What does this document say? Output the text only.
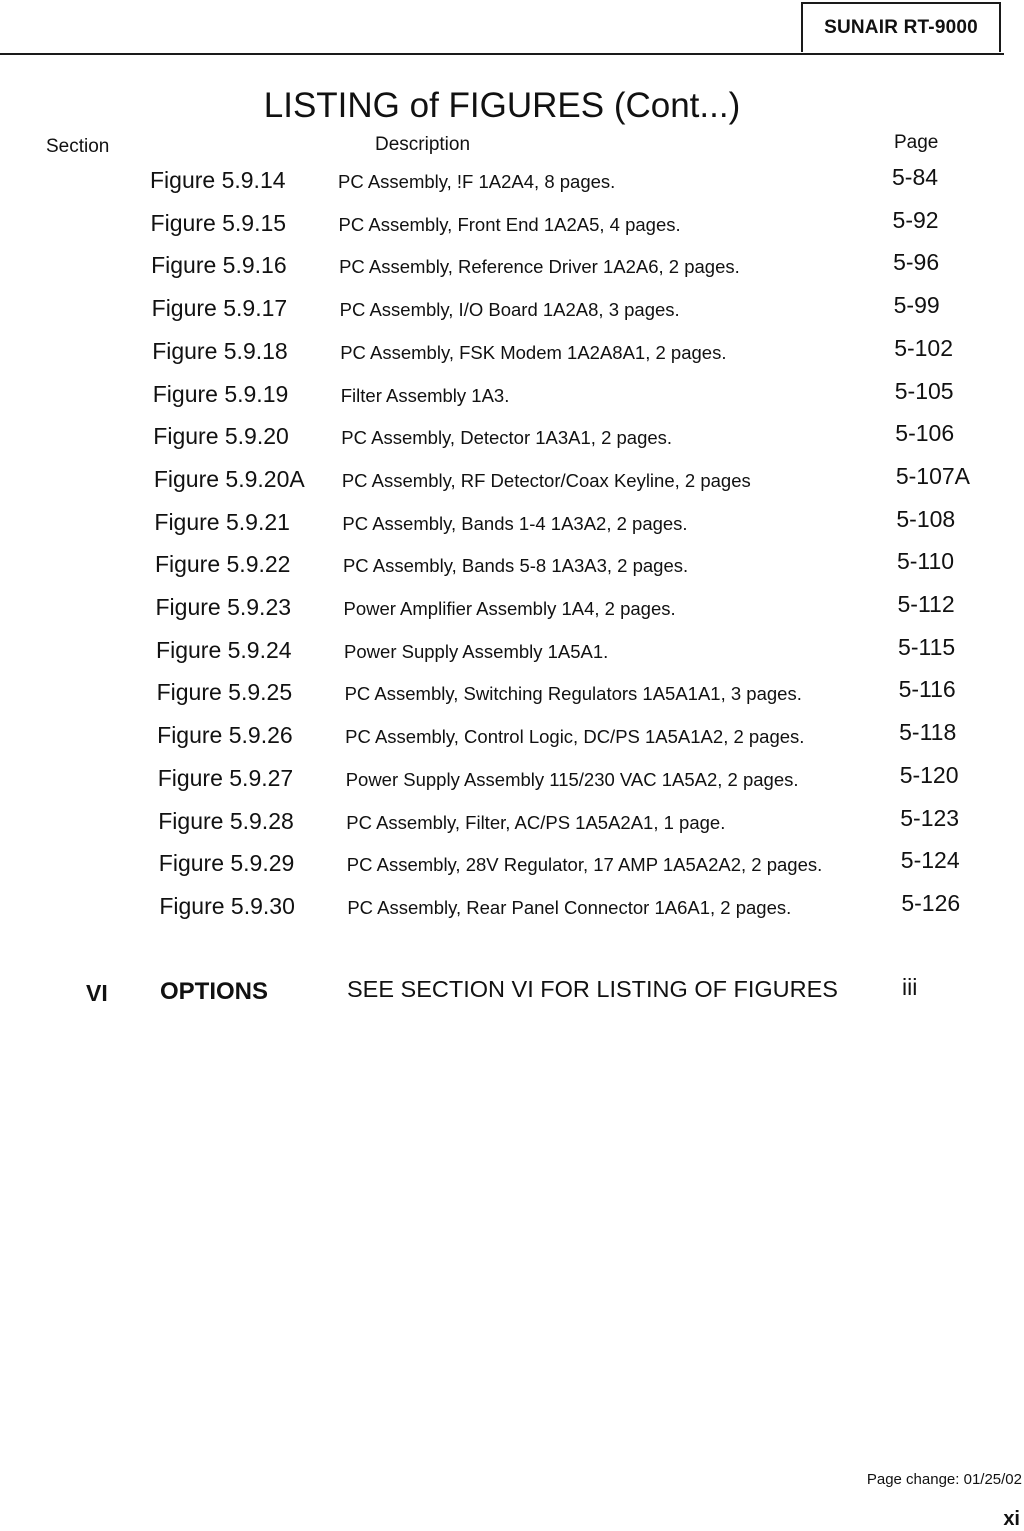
SUNAIR RT-9000
LISTING of FIGURES (Cont...)
Section	Description	Page
Figure 5.9.14	PC Assembly, !F 1A2A4, 8 pages.	5-84
Figure 5.9.15	PC Assembly, Front End 1A2A5, 4 pages.	5-92
Figure 5.9.16	PC Assembly, Reference Driver 1A2A6, 2 pages.	5-96
Figure 5.9.17	PC Assembly, I/O Board 1A2A8, 3 pages.	5-99
Figure 5.9.18	PC Assembly, FSK Modem 1A2A8A1, 2 pages.	5-102
Figure 5.9.19	Filter Assembly 1A3.	5-105
Figure 5.9.20	PC Assembly, Detector 1A3A1, 2 pages.	5-106
Figure 5.9.20A PC Assembly, RF Detector/Coax Keyline, 2 pages	5-107A
Figure 5.9.21	PC Assembly, Bands 1-4 1A3A2, 2 pages.	5-108
Figure 5.9.22	PC Assembly, Bands 5-8 1A3A3, 2 pages.	5-110
Figure 5.9.23	Power Amplifier Assembly 1A4, 2 pages.	5-112
Figure 5.9.24	Power Supply Assembly 1A5A1.	5-115
Figure 5.9.25	PC Assembly, Switching Regulators 1A5A1A1, 3 pages.	5-116
Figure 5.9.26	PC Assembly, Control Logic, DC/PS 1A5A1A2, 2 pages.	5-118
Figure 5.9.27	Power Supply Assembly 115/230 VAC 1A5A2, 2 pages.	5-120
Figure 5.9.28	PC Assembly, Filter, AC/PS 1A5A2A1, 1 page.	5-123
Figure 5.9.29	PC Assembly, 28V Regulator, 17 AMP 1A5A2A2, 2 pages.	5-124
Figure 5.9.30	PC Assembly, Rear Panel Connector 1A6A1, 2 pages.	5-126
VI OPTIONS	SEE SECTION VI FOR LISTING OF FIGURES	iii
Page change: 01/25/02
xi
